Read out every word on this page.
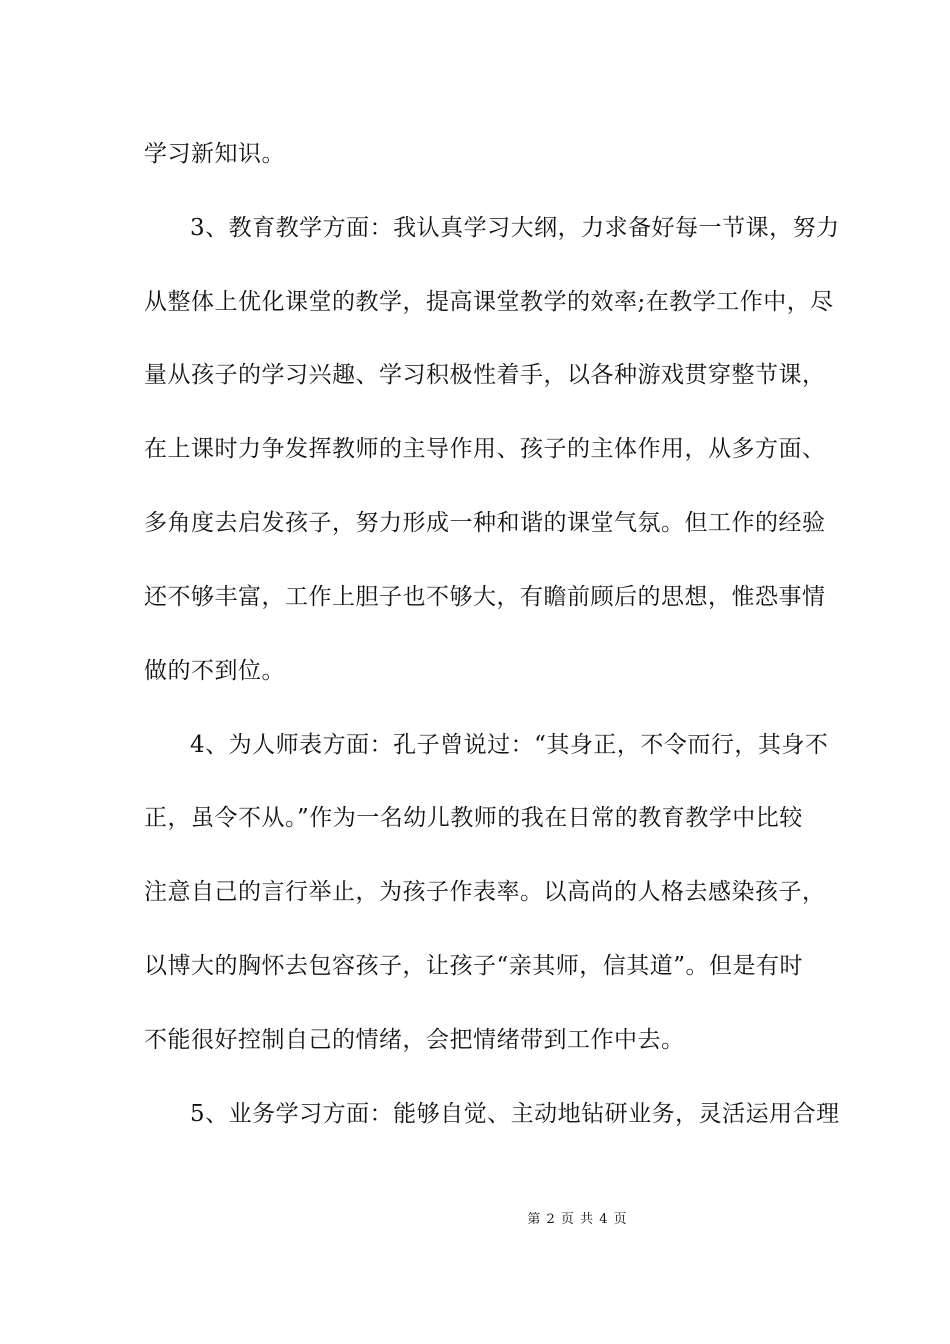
学习新知识。
3、教育教学方面：我认真学习大纲，力求备好每一节课，努力
从整体上优化课堂的教学，提高课堂教学的效率;在教学工作中，尽
量从孩子的学习兴趣、学习积极性着手，以各种游戏贯穿整节课，
在上课时力争发挥教师的主导作用、孩子的主体作用，从多方面、
多角度去启发孩子，努力形成一种和谐的课堂气氛。但工作的经验
还不够丰富，工作上胆子也不够大，有瞻前顾后的思想，惟恐事情
做的不到位。
4、为人师表方面：孔子曾说过：“其身正，不令而行，其身不
正，虽令不从。”作为一名幼儿教师的我在日常的教育教学中比较
注意自己的言行举止，为孩子作表率。以高尚的人格去感染孩子，
以博大的胸怀去包容孩子，让孩子“亲其师，信其道”。但是有时
不能很好控制自己的情绪，会把情绪带到工作中去。
5、业务学习方面：能够自觉、主动地钻研业务，灵活运用合理
第 2 页 共 4 页
